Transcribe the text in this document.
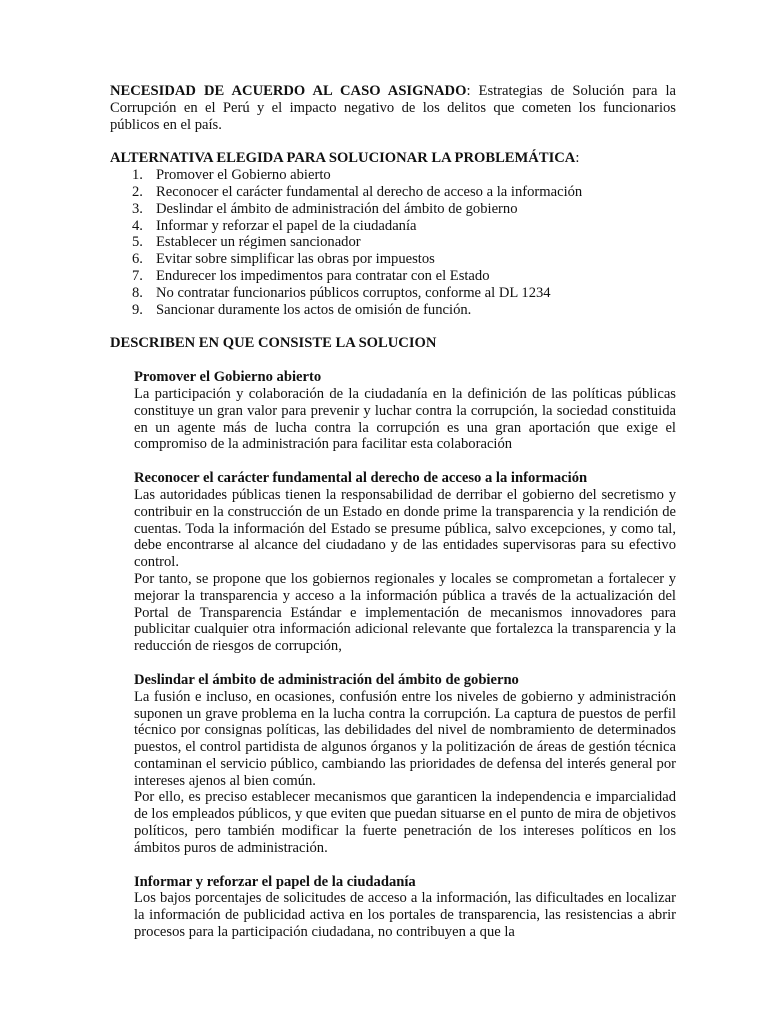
NECESIDAD DE ACUERDO AL CASO ASIGNADO: Estrategias de Solución para la Corrupción en el Perú y el impacto negativo de los delitos que cometen los funcionarios públicos en el país.

ALTERNATIVA ELEGIDA PARA SOLUCIONAR LA PROBLEMÁTICA:

1. Promover el Gobierno abierto
2. Reconocer el carácter fundamental al derecho de acceso a la información
3. Deslindar el ámbito de administración del ámbito de gobierno
4. Informar y reforzar el papel de la ciudadanía
5. Establecer un régimen sancionador
6. Evitar sobre simplificar las obras por impuestos
7. Endurecer los impedimentos para contratar con el Estado
8. No contratar funcionarios públicos corruptos, conforme al DL 1234
9. Sancionar duramente los actos de omisión de función.

DESCRIBEN EN QUE CONSISTE LA SOLUCION

Promover el Gobierno abierto

La participación y colaboración de la ciudadanía en la definición de las políticas públicas constituye un gran valor para prevenir y luchar contra la corrupción, la sociedad constituida en un agente más de lucha contra la corrupción es una gran aportación que exige el compromiso de la administración para facilitar esta colaboración

Reconocer el carácter fundamental al derecho de acceso a la información

Las autoridades públicas tienen la responsabilidad de derribar el gobierno del secretismo y contribuir en la construcción de un Estado en donde prime la transparencia y la rendición de cuentas. Toda la información del Estado se presume pública, salvo excepciones, y como tal, debe encontrarse al alcance del ciudadano y de las entidades supervisoras para su efectivo control.

Por tanto, se propone que los gobiernos regionales y locales se comprometan a fortalecer y mejorar la transparencia y acceso a la información pública a través de la actualización del Portal de Transparencia Estándar e implementación de mecanismos innovadores para publicitar cualquier otra información adicional relevante que fortalezca la transparencia y la reducción de riesgos de corrupción,

Deslindar el ámbito de administración del ámbito de gobierno

La fusión e incluso, en ocasiones, confusión entre los niveles de gobierno y administración suponen un grave problema en la lucha contra la corrupción. La captura de puestos de perfil técnico por consignas políticas, las debilidades del nivel de nombramiento de determinados puestos, el control partidista de algunos órganos y la politización de áreas de gestión técnica contaminan el servicio público, cambiando las prioridades de defensa del interés general por intereses ajenos al bien común.

Por ello, es preciso establecer mecanismos que garanticen la independencia e imparcialidad de los empleados públicos, y que eviten que puedan situarse en el punto de mira de objetivos políticos, pero también modificar la fuerte penetración de los intereses políticos en los ámbitos puros de administración.

Informar y reforzar el papel de la ciudadanía

Los bajos porcentajes de solicitudes de acceso a la información, las dificultades en localizar la información de publicidad activa en los portales de transparencia, las resistencias a abrir procesos para la participación ciudadana, no contribuyen a que la
